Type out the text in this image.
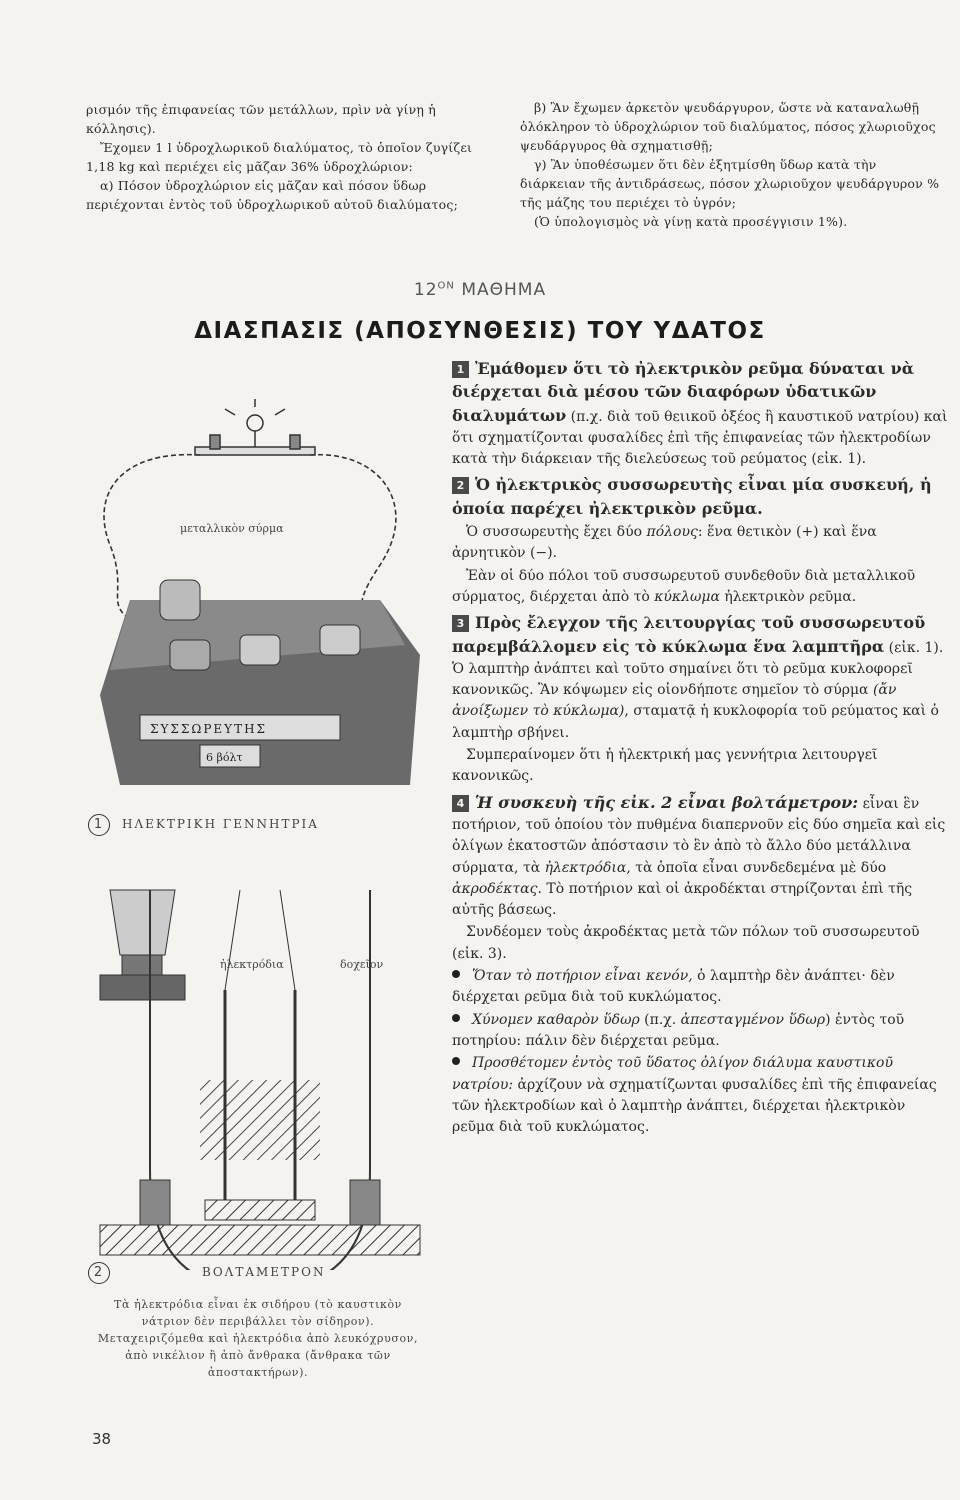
ρισμόν τῆς ἐπιφανείας τῶν μετάλλων, πρὶν νὰ γίνῃ ἡ κόλλησις).

Ἔχομεν 1 l ὑδροχλωρικοῦ διαλύματος, τὸ ὁποῖον ζυγίζει 1,18 kg καὶ περιέχει εἰς μᾶζαν 36% ὑδροχλώριον:

α) Πόσον ὑδροχλώριον εἰς μᾶζαν καὶ πόσον ὕδωρ περιέχονται ἐντὸς τοῦ ὑδροχλωρικοῦ αὐτοῦ διαλύματος;

β) Ἂν ἔχωμεν ἀρκετὸν ψευδάργυρον, ὥστε νὰ καταναλωθῇ ὁλόκληρον τὸ ὑδροχλώριον τοῦ διαλύματος, πόσος χλωριοῦχος ψευδάργυρος θὰ σχηματισθῇ;

γ) Ἂν ὑποθέσωμεν ὅτι δὲν ἐξητμίσθη ὕδωρ κατὰ τὴν διάρκειαν τῆς ἀντιδράσεως, πόσον χλωριοῦχον ψευδάργυρον % τῆς μάζης του περιέχει τὸ ὑγρόν;

(Ὁ ὑπολογισμὸς νὰ γίνῃ κατὰ προσέγγισιν 1%).

$12^{ON}$ ΜΑΘΗΜΑ
ΔΙΑΣΠΑΣΙΣ (ΑΠΟΣΥΝΘΕΣΙΣ) ΤΟΥ ΥΔΑΤΟΣ
μεταλλικὸν σύρμα
ΣΥΣΣΩΡΕΥΤΗΣ
6 βόλτ
1 ΗΛΕΚΤΡΙΚΗ ΓΕΝΝΗΤΡΙΑ
ἠλεκτρόδια	δοχεῖον
2	ΒΟΛΤΑΜΕΤΡΟΝ
Τὰ ἠλεκτρόδια εἶναι ἐκ σιδήρου (τὸ καυστικὸν νάτριον δὲν περιβάλλει τὸν σίδηρον). Μεταχειριζόμεθα καὶ ἠλεκτρόδια ἀπὸ λευκόχρυσον, ἀπὸ νικέλιον ἢ ἀπὸ ἄνθρακα (ἄνθρακα τῶν ἀποστακτήρων).

1 Ἐμάθομεν ὅτι τὸ ἠλεκτρικὸν ρεῦμα δύναται νὰ διέρχεται διὰ μέσου τῶν διαφόρων ὑδατικῶν διαλυμάτων (π.χ. διὰ τοῦ θειικοῦ ὀξέος ἢ καυστικοῦ νατρίου) καὶ ὅτι σχηματίζονται φυσαλίδες ἐπὶ τῆς ἐπιφανείας τῶν ἠλεκτροδίων κατὰ τὴν διάρκειαν τῆς διελεύσεως τοῦ ρεύματος (εἰκ. 1).

2 Ὁ ἠλεκτρικὸς συσσωρευτὴς εἶναι μία συσκευή, ἡ ὁποία παρέχει ἠλεκτρικὸν ρεῦμα.

Ὁ συσσωρευτὴς ἔχει δύο πόλους: ἕνα θετικὸν (+) καὶ ἕνα ἀρνητικὸν (−).

Ἐὰν οἱ δύο πόλοι τοῦ συσσωρευτοῦ συνδεθοῦν διὰ μεταλλικοῦ σύρματος, διέρχεται ἀπὸ τὸ κύκλωμα ἠλεκτρικὸν ρεῦμα.

3 Πρὸς ἔλεγχον τῆς λειτουργίας τοῦ συσσωρευτοῦ παρεμβάλλομεν εἰς τὸ κύκλωμα ἕνα λαμπτῆρα (εἰκ. 1). Ὁ λαμπτὴρ ἀνάπτει καὶ τοῦτο σημαίνει ὅτι τὸ ρεῦμα κυκλοφορεῖ κανονικῶς. Ἂν κόψωμεν εἰς οἱονδήποτε σημεῖον τὸ σύρμα (ἄν ἀνοίξωμεν τὸ κύκλωμα), σταματᾷ ἡ κυκλοφορία τοῦ ρεύματος καὶ ὁ λαμπτὴρ σβήνει.

Συμπεραίνομεν ὅτι ἡ ἠλεκτρική μας γεννήτρια λειτουργεῖ κανονικῶς.

4 Ἡ συσκευὴ τῆς εἰκ. 2 εἶναι βολτάμετρον: εἶναι ἓν ποτήριον, τοῦ ὁποίου τὸν πυθμένα διαπερνοῦν εἰς δύο σημεῖα καὶ εἰς ὀλίγων ἑκατοστῶν ἀπόστασιν τὸ ἓν ἀπὸ τὸ ἄλλο δύο μετάλλινα σύρματα, τὰ ἠλεκτρόδια, τὰ ὁποῖα εἶναι συνδεδεμένα μὲ δύο ἀκροδέκτας. Τὸ ποτήριον καὶ οἱ ἀκροδέκται στηρίζονται ἐπὶ τῆς αὐτῆς βάσεως.

Συνδέομεν τοὺς ἀκροδέκτας μετὰ τῶν πόλων τοῦ συσσωρευτοῦ (εἰκ. 3).

Ὅταν τὸ ποτήριον εἶναι κενόν, ὁ λαμπτὴρ δὲν ἀνάπτει· δὲν διέρχεται ρεῦμα διὰ τοῦ κυκλώματος.

Χύνομεν καθαρὸν ὕδωρ (π.χ. ἀπεσταγμένον ὕδωρ) ἐντὸς τοῦ ποτηρίου: πάλιν δὲν διέρχεται ρεῦμα.

Προσθέτομεν ἐντὸς τοῦ ὕδατος ὀλίγον διάλυμα καυστικοῦ νατρίου: ἀρχίζουν νὰ σχηματίζωνται φυσαλίδες ἐπὶ τῆς ἐπιφανείας τῶν ἠλεκτροδίων καὶ ὁ λαμπτὴρ ἀνάπτει, διέρχεται ἠλεκτρικὸν ρεῦμα διὰ τοῦ κυκλώματος.

38
